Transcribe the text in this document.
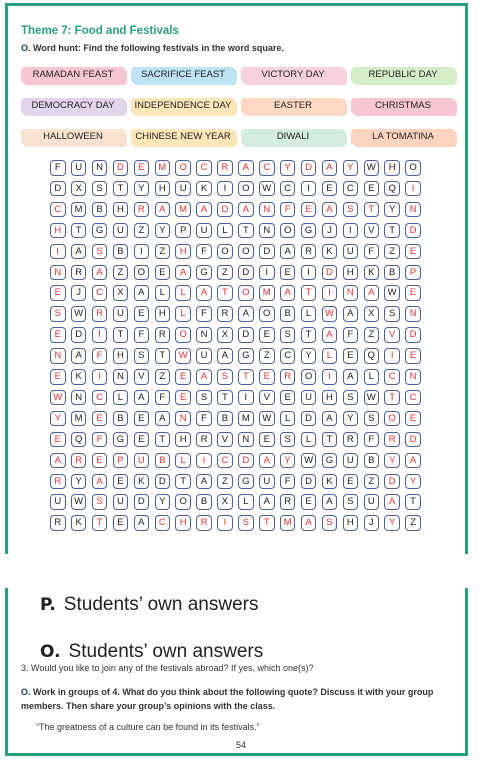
Theme 7: Food and Festivals
O. Word hunt: Find the following festivals in the word square.
RAMADAN FEAST	SACRIFICE FEAST	VICTORY DAY	REPUBLIC DAY
DEMOCRACY DAY	INDEPENDENCE DAY	EASTER	CHRISTMAS
HALLOWEEN	CHINESE NEW YEAR	DIWALI	LA TOMATINA
F	U	N	D	E	M	O	C	R	A	C	Y	D	A	Y	W	H	O
D	X	S	T	Y	H	U	K	I	O	W	C	I	E	C	E	Q	I
C	M	B	H	R	A	M	A	D	A	N	F	E	A	S	T	Y	N
H	T	G	U	Z	Y	P	U	L	T	N	O	G	J	I	V	T	D
I	A	S	B	I	Z	H	F	O	O	D	A	R	K	U	F	Z	E
N	R	A	Z	O	E	A	G	Z	D	I	E	I	D	H	K	B	P
E	J	C	X	A	L	L	A	T	O	M	A	T	I	N	A	W	E
S	W	R	U	E	H	L	F	R	A	O	B	L	W	A	X	S	N
E	D	I	T	F	R	O	N	X	D	E	S	T	A	F	Z	V	D
N	A	F	H	S	T	W	U	A	G	Z	C	Y	L	E	Q	I	E
E	K	I	N	V	Z	E	A	S	T	E	R	O	I	A	L	C	N
W	N	C	L	A	F	E	S	T	I	V	E	U	H	S	W	T	C
Y	M	E	B	E	A	N	F	B	M	W	L	D	A	Y	S	O	E
E	Q	F	G	E	T	H	R	V	N	E	S	L	T	R	F	R	D
A	R	E	P	U	B	L	I	C	D	A	Y	W	G	U	B	Y	A
R	Y	A	E	K	D	T	A	Z	G	U	F	D	K	E	Z	D	Y
U	W	S	U	D	Y	O	B	X	L	A	R	E	A	S	U	A	T
R	K	T	E	A	C	H	R	I	S	T	M	A	S	H	J	Y	Z
P. Students’ own answers
O. Students’ own answers
3. Would you like to join any of the festivals abroad? If yes, which one(s)?
O. Work in groups of 4. What do you think about the following quote? Discuss it with your group members. Then share your group’s opinions with the class.
“The greatness of a culture can be found in its festivals.”
54
